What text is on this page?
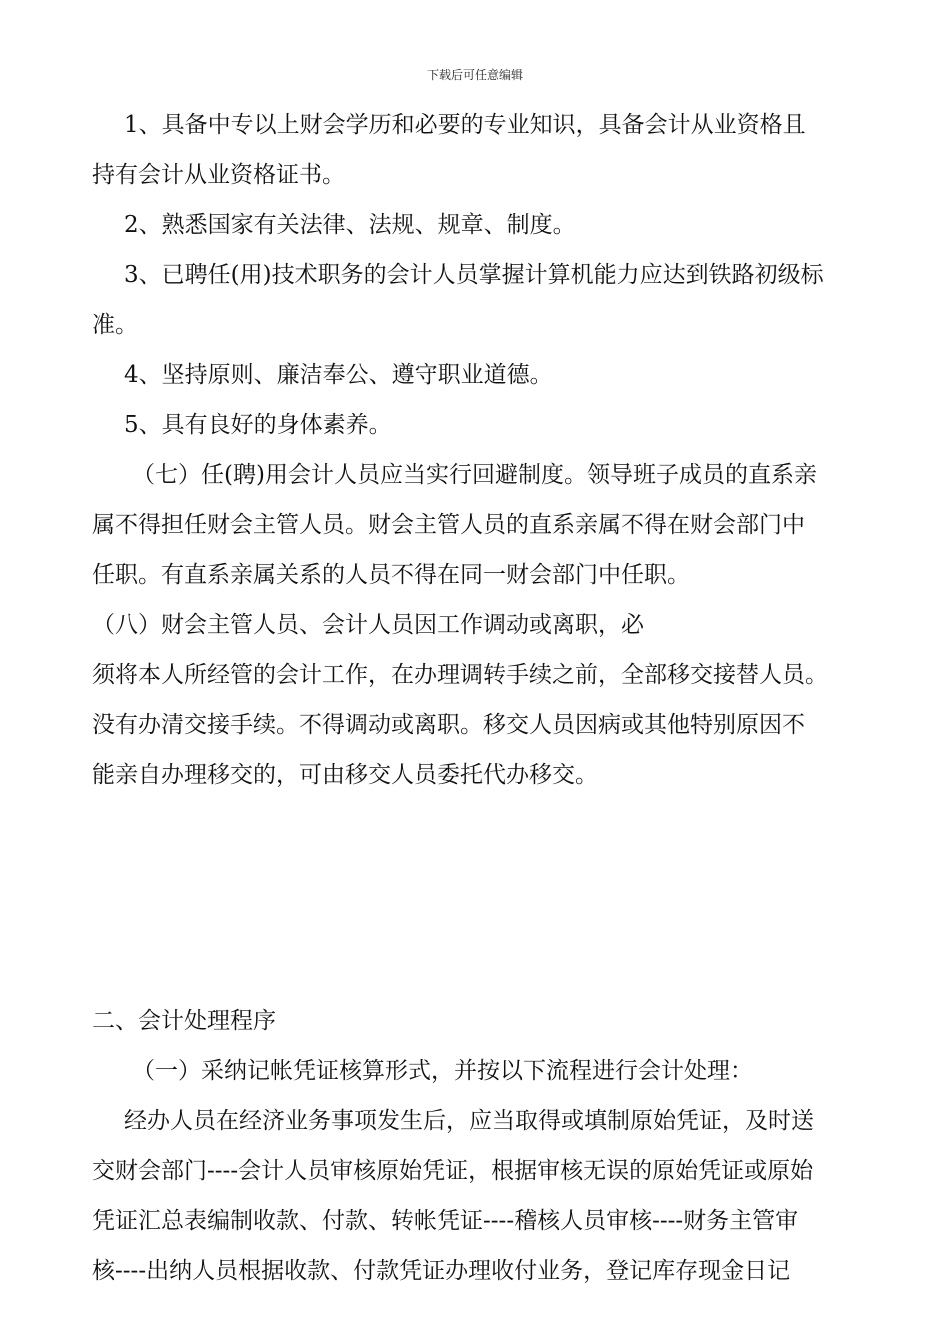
下载后可任意编辑
1、具备中专以上财会学历和必要的专业知识，具备会计从业资格且
持有会计从业资格证书。
2、熟悉国家有关法律、法规、规章、制度。
3、已聘任(用)技术职务的会计人员掌握计算机能力应达到铁路初级标
准。
4、坚持原则、廉洁奉公、遵守职业道德。
5、具有良好的身体素养。
（七）任(聘)用会计人员应当实行回避制度。领导班子成员的直系亲
属不得担任财会主管人员。财会主管人员的直系亲属不得在财会部门中
任职。有直系亲属关系的人员不得在同一财会部门中任职。
（八）财会主管人员、会计人员因工作调动或离职，必
须将本人所经管的会计工作，在办理调转手续之前，全部移交接替人员。
没有办清交接手续。不得调动或离职。移交人员因病或其他特别原因不
能亲自办理移交的，可由移交人员委托代办移交。
二、会计处理程序
（一）采纳记帐凭证核算形式，并按以下流程进行会计处理：
经办人员在经济业务事项发生后，应当取得或填制原始凭证，及时送
交财会部门----会计人员审核原始凭证，根据审核无误的原始凭证或原始
凭证汇总表编制收款、付款、转帐凭证----稽核人员审核----财务主管审
核----出纳人员根据收款、付款凭证办理收付业务，登记库存现金日记
